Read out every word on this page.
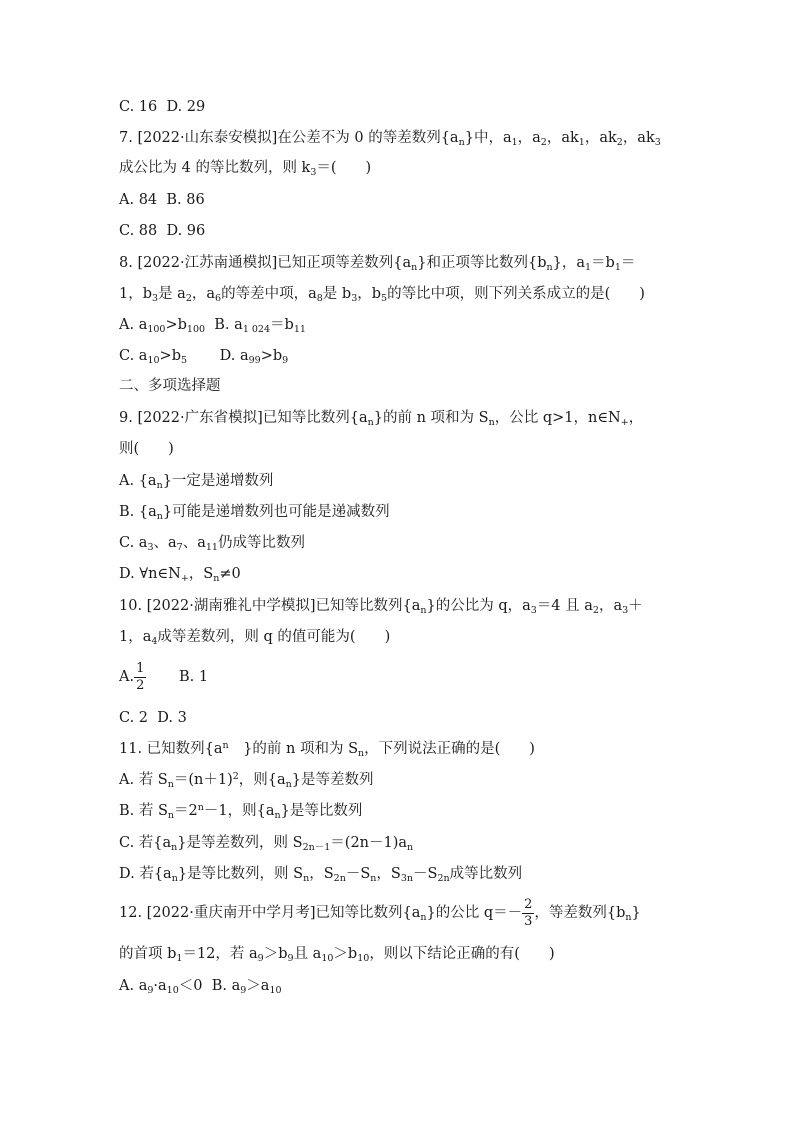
C. 16 D. 29
7. [2022·山东泰安模拟]在公差不为 0 的等差数列$\{a_n\}$中，$a_1$，$a_2$，$ak_1$，$ak_2$，$ak_3$
成公比为 4 的等比数列，则 $k_3=$(　　)
A. 84 B. 86
C. 88 D. 96
8. [2022·江苏南通模拟]已知正项等差数列$\{a_n\}$和正项等比数列$\{b_n\}$，$a_1=b_1=$
1，$b_3$是 $a_2$，$a_6$的等差中项，$a_8$是 $b_3$，$b_5$的等比中项，则下列关系成立的是(　　)
A. $a_{100}>b_{100}$ B. $a_{1 024}=b_{11}$
C. $a_{10}>b_5$ D. $a_{99}>b_9$
二、多项选择题
9. [2022·广东省模拟]已知等比数列$\{a_n\}$的前 n 项和为 $S_n$，公比 q>1，$n\in N_+$，
则(　　)
A. $\{a_n\}$一定是递增数列
B. $\{a_n\}$可能是递增数列也可能是递减数列
C. $a_3$、$a_7$、$a_{11}$仍成等比数列
D. $\forall n\in N_+$，$S_n\ne 0$
10. [2022·湖南雅礼中学模拟]已知等比数列$\{a_n\}$的公比为 q，$a_3=4$ 且 $a_2$，$a_3+$
1，$a_4$成等差数列，则 q 的值可能为(　　)
A. $\frac{1}{2} B$. 1
C. 2 D. 3
11. 已知数列{$a^n$　}的前 n 项和为 $S_n$，下列说法正确的是(　　)
A. 若 $S_n=(n+1)^2$，则$\{a_n\}$是等差数列
B. 若 $S_n=2^n-1$，则$\{a_n\}$是等比数列
C. 若$\{a_n\}$是等差数列，则 $S_{2n-1}=(2n-1)a_n$
D. 若$\{a_n\}$是等比数列，则 $S_n$，$S_{2n}-S_n$，$S_{3n}-S_{2n}$成等比数列
12. [2022·重庆南开中学月考]已知等比数列$\{a_n\}$的公比 $q=- \frac{2}{3}$ ，等差数列$\{b_n\}$
的首项 $b_1=12$，若 $a_9>b_9$且 $a_{10}>b_{10}$，则以下结论正确的有(　　)
A. $a_9\cdot a_{10}<0$ B. $a_9>a_{10}$
